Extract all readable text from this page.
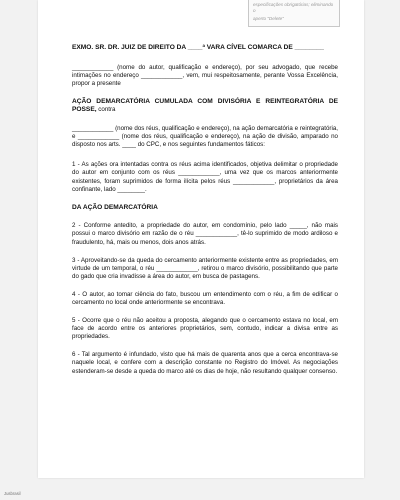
especificações obrigatórias; eliminando o
aperto "Delete"

EXMO. SR. DR. JUIZ DE DIREITO DA ____ª VARA CÍVEL COMARCA DE ________

____________ (nome do autor, qualificação e endereço), por seu advogado, que recebe intimações no endereço ____________, vem, mui respeitosamente, perante Vossa Excelência, propor a presente

AÇÃO DEMARCATÓRIA CUMULADA COM DIVISÓRIA E REINTEGRATÓRIA DE POSSE, contra

____________ (nome dos réus, qualificação e endereço), na ação demarcatória e reintegratória, e ____________ (nome dos réus, qualificação e endereço), na ação de divisão, amparado no disposto nos arts. ____ do CPC, e nos seguintes fundamentos fáticos:

1 - As ações ora intentadas contra os réus acima identificados, objetiva delimitar o propriedade do autor em conjunto com os réus ____________, uma vez que os marcos anteriormente existentes, foram suprimidos de forma ilícita pelos réus ____________, proprietários da área confinante, lado ________.

DA AÇÃO DEMARCATÓRIA

2 - Conforme antedito, a propriedade do autor, em condomínio, pelo lado _____, não mais possui o marco divisório em razão de o réu ____________, tê-lo suprimido de modo ardiloso e fraudulento, há, mais ou menos, dois anos atrás.

3 - Aproveitando-se da queda do cercamento anteriormente existente entre as propriedades, em virtude de um temporal, o réu ____________, retirou o marco divisório, possibilitando que parte do gado que cria invadisse a área do autor, em busca de pastagens.

4 - O autor, ao tomar ciência do fato, buscou um entendimento com o réu, a fim de edificar o cercamento no local onde anteriormente se encontrava.

5 - Ocorre que o réu não aceitou a proposta, alegando que o cercamento estava no local, em face de acordo entre os anteriores proprietários, sem, contudo, indicar a divisa entre as propriedades.

6 - Tal argumento é infundado, visto que há mais de quarenta anos que a cerca encontrava-se naquele local, e confere com a descrição constante no Registro do Imóvel. As negociações estenderam-se desde a queda do marco até os dias de hoje, não resultando qualquer consenso.

Jusbrasil
